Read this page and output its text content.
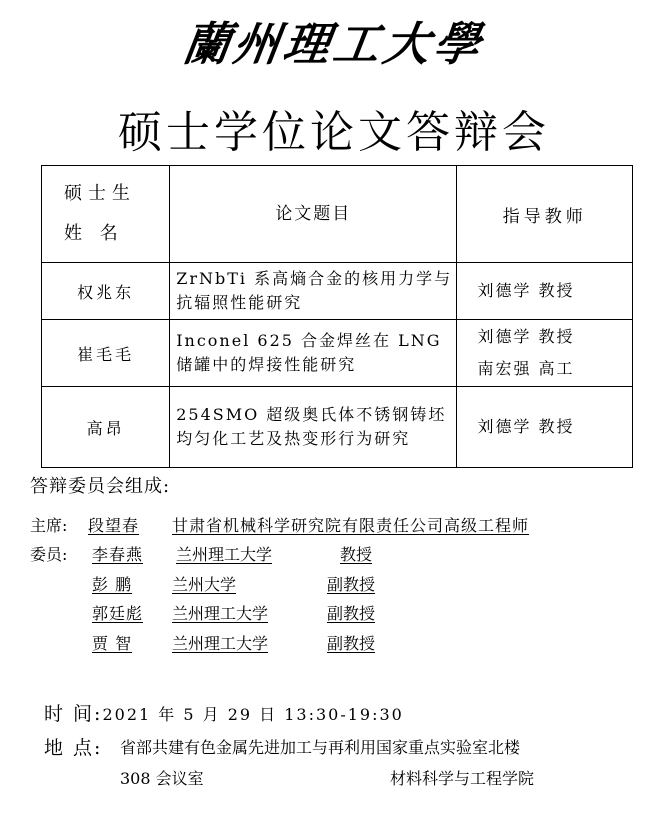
蘭州理工大學
硕士学位论文答辩会
硕士生
姓 名	论文题目	指导教师
权兆东	ZrNbTi 系高熵合金的核用力学与抗辐照性能研究	刘德学 教授

崔毛毛	Inconel 625 合金焊丝在 LNG 储罐中的焊接性能研究	刘德学 教授
南宏强 高工

高昂	254SMO 超级奥氏体不锈钢铸坯均匀化工艺及热变形行为研究	刘德学 教授
答辩委员会组成:
主席: 段望春 甘肃省机械科学研究院有限责任公司高级工程师
委员: 李春燕 兰州理工大学	教授
彭 鹏 兰州大学	副教授
郭廷彪 兰州理工大学	副教授
贾 智 兰州理工大学	副教授
时 间:2021 年 5 月 29 日 13:30-19:30
地 点: 省部共建有色金属先进加工与再利用国家重点实验室北楼
308 会议室	材料科学与工程学院
